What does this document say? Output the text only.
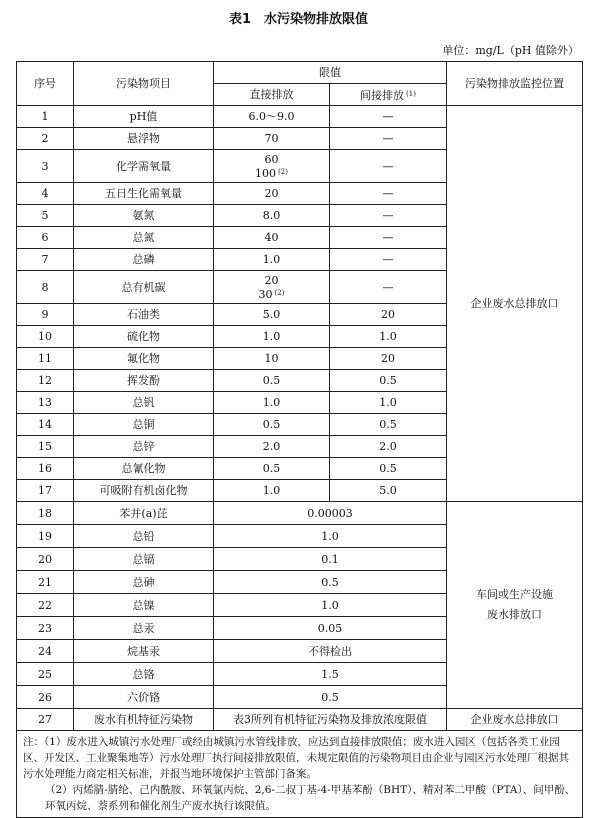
表1　水污染物排放限值
单位：mg/L（pH 值除外）
序号	污染物项目	限值		污染物排放监控位置
		直接排放	间接排放 $^{(1)}$
1	pH值	6.0～9.0	—	企业废水总排放口
2	悬浮物	70	—	
3	化学需氧量	60
100 $^{(2)}$	—	
4	五日生化需氧量	20	—	
5	氨氮	8.0	—	
6	总氮	40	—	
7	总磷	1.0	—	
8	总有机碳	20
30 $^{(2)}$	—	
9	石油类	5.0	20	
10	硫化物	1.0	1.0	
11	氟化物	10	20	
12	挥发酚	0.5	0.5	
13	总钒	1.0	1.0	
14	总铜	0.5	0.5	
15	总锌	2.0	2.0	
16	总氰化物	0.5	0.5	
17	可吸附有机卤化物	1.0	5.0	
18	苯并(a)芘	0.00003		车间或生产设施
废水排放口

19	总铅	1.0		
20	总镉	0.1		
21	总砷	0.5		
22	总镍	1.0		
23	总汞	0.05		
24	烷基汞	不得检出		
25	总铬	1.5		
26	六价铬	0.5		
27	废水有机特征污染物	表3所列有机特征污染物及排放浓度限值		企业废水总排放口

注：（1）废水进入城镇污水处理厂或经由城镇污水管线排放，应达到直接排放限值；废水进入园区（包括各类工业园区、开发区、工业聚集地等）污水处理厂执行间接排放限值，未规定限值的污染物项目由企业与园区污水处理厂根据其污水处理能力商定相关标准，并报当地环境保护主管部门备案。

（2）丙烯腈-腈纶、己内酰胺、环氧氯丙烷、2,6-二叔丁基-4-甲基苯酚（BHT）、精对苯二甲酸（PTA）、间甲酚、环氧丙烷、萘系列和催化剂生产废水执行该限值。				
